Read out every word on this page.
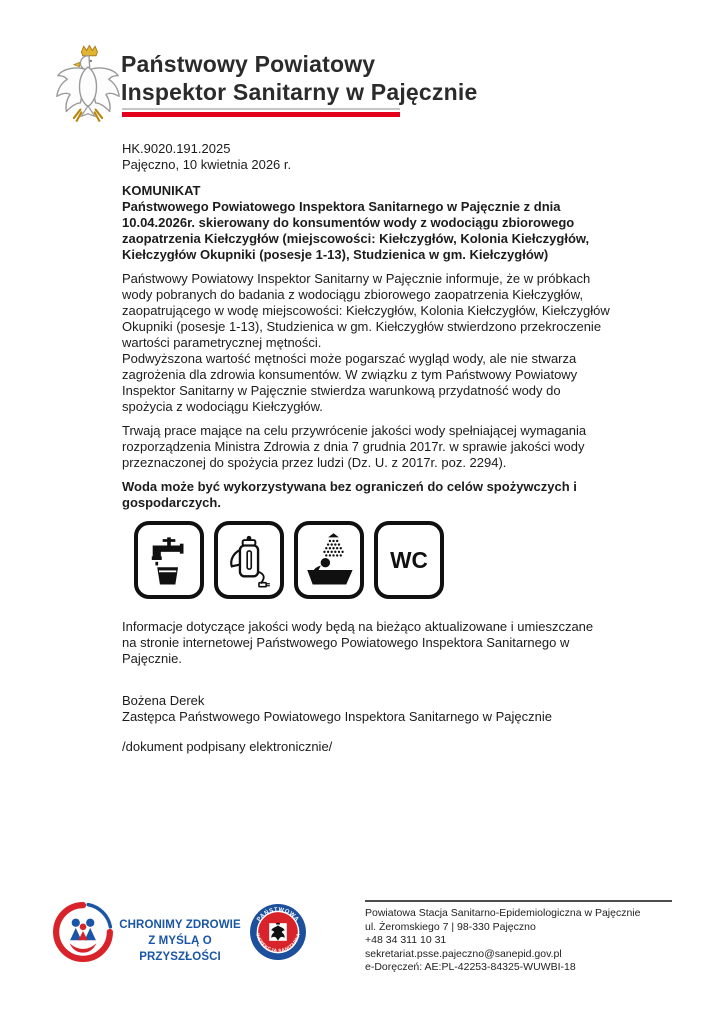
Państwowy Powiatowy
Inspektor Sanitarny w Pajęcznie
HK.9020.191.2025
Pajęczno, 10 kwietnia 2026 r.
KOMUNIKAT
Państwowego Powiatowego Inspektora Sanitarnego w Pajęcznie z dnia 10.04.2026r. skierowany do konsumentów wody z wodociągu zbiorowego zaopatrzenia Kiełczygłów (miejscowości: Kiełczygłów, Kolonia Kiełczygłów, Kiełczygłów Okupniki (posesje 1-13), Studzienica w gm. Kiełczygłów)
Państwowy Powiatowy Inspektor Sanitarny w Pajęcznie informuje, że w próbkach wody pobranych do badania z wodociągu zbiorowego zaopatrzenia Kiełczygłów, zaopatrującego w wodę miejscowości: Kiełczygłów, Kolonia Kiełczygłów, Kiełczygłów Okupniki (posesje 1-13), Studzienica w gm. Kiełczygłów stwierdzono przekroczenie wartości parametrycznej mętności.
Podwyższona wartość mętności może pogarszać wygląd wody, ale nie stwarza zagrożenia dla zdrowia konsumentów. W związku z tym Państwowy Powiatowy Inspektor Sanitarny w Pajęcznie stwierdza warunkową przydatność wody do spożycia z wodociągu Kiełczygłów.
Trwają prace mające na celu przywrócenie jakości wody spełniającej wymagania rozporządzenia Ministra Zdrowia z dnia 7 grudnia 2017r. w sprawie jakości wody przeznaczonej do spożycia przez ludzi (Dz. U. z 2017r. poz. 2294).
Woda może być wykorzystywana bez ograniczeń do celów spożywczych i gospodarczych.
WC
Informacje dotyczące jakości wody będą na bieżąco aktualizowane i umieszczane na stronie internetowej Państwowego Powiatowego Inspektora Sanitarnego w Pajęcznie.
Bożena Derek
Zastępca Państwowego Powiatowego Inspektora Sanitarnego w Pajęcznie
/dokument podpisany elektronicznie/
CHRONIMY ZDROWIE
Z MYŚLĄ O PRZYSZŁOŚCI
PAŃSTWOWA
INSPEKCJA SANITARNA
Powiatowa Stacja Sanitarno-Epidemiologiczna w Pajęcznie
ul. Żeromskiego 7 | 98-330 Pajęczno
+48 34 311 10 31
sekretariat.psse.pajeczno@sanepid.gov.pl
e-Doręczeń: AE:PL-42253-84325-WUWBI-18
